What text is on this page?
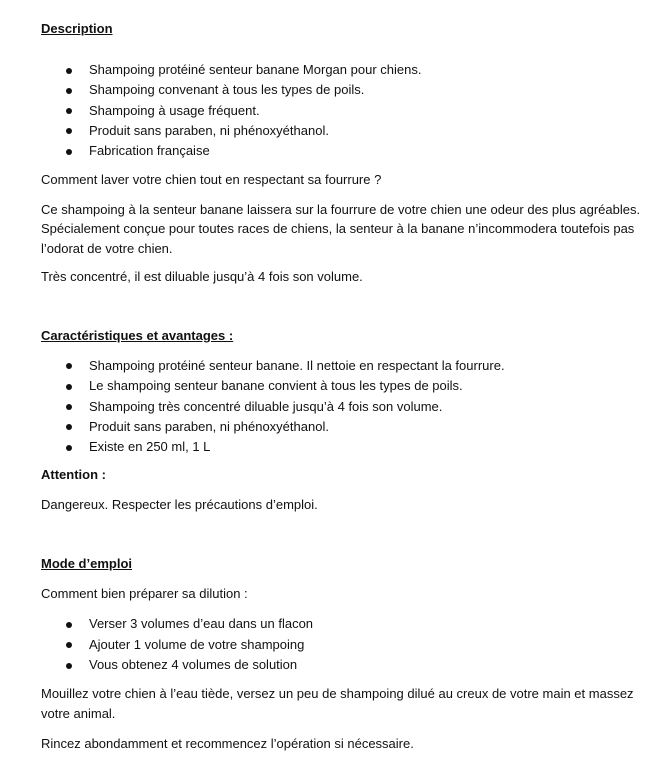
Description
Shampoing protéiné senteur banane Morgan pour chiens.
Shampoing convenant à tous les types de poils.
Shampoing à usage fréquent.
Produit sans paraben, ni phénoxyéthanol.
Fabrication française

Comment laver votre chien tout en respectant sa fourrure ?

Ce shampoing à la senteur banane laissera sur la fourrure de votre chien une odeur des plus agréables. Spécialement conçue pour toutes races de chiens, la senteur à la banane n’incommodera toutefois pas l’odorat de votre chien.

Très concentré, il est diluable jusqu’à 4 fois son volume.

Caractéristiques et avantages :
Shampoing protéiné senteur banane. Il nettoie en respectant la fourrure.
Le shampoing senteur banane convient à tous les types de poils.
Shampoing très concentré diluable jusqu’à 4 fois son volume.
Produit sans paraben, ni phénoxyéthanol.
Existe en 250 ml, 1 L
Attention :

Dangereux. Respecter les précautions d’emploi.

Mode d’emploi

Comment bien préparer sa dilution :

Verser 3 volumes d’eau dans un flacon
Ajouter 1 volume de votre shampoing
Vous obtenez 4 volumes de solution

Mouillez votre chien à l’eau tiède, versez un peu de shampoing dilué au creux de votre main et massez votre animal.

Rincez abondamment et recommencez l’opération si nécessaire.
